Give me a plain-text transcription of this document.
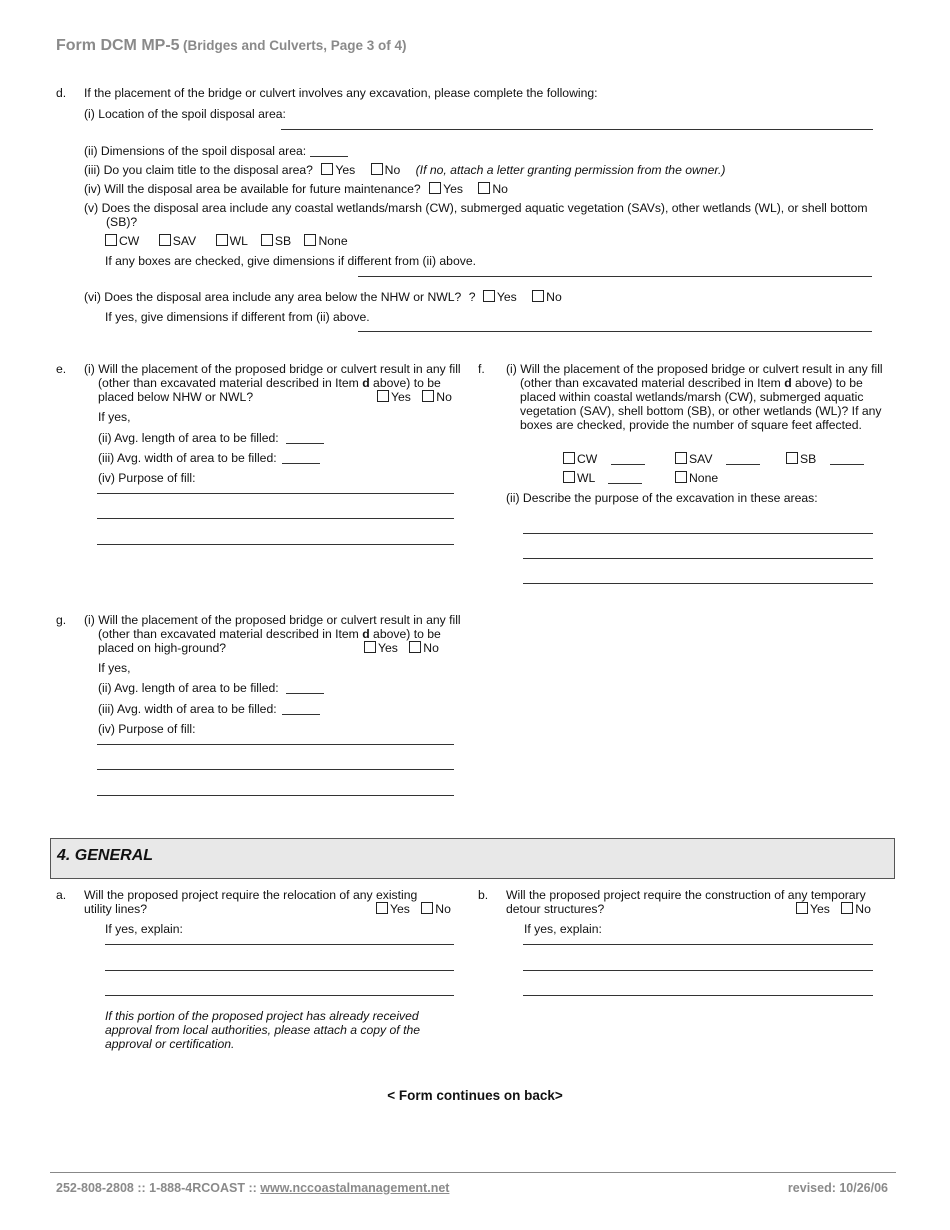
Form DCM MP-5 (Bridges and Culverts, Page 3 of 4)
d. If the placement of the bridge or culvert involves any excavation, please complete the following:
(i) Location of the spoil disposal area:
(ii) Dimensions of the spoil disposal area:
(iii) Do you claim title to the disposal area? Yes No (If no, attach a letter granting permission from the owner.)
(iv) Will the disposal area be available for future maintenance? Yes No
(v) Does the disposal area include any coastal wetlands/marsh (CW), submerged aquatic vegetation (SAVs), other wetlands (WL), or shell bottom (SB)?
CW	SAV	WL SB None
If any boxes are checked, give dimensions if different from (ii) above.
(vi) Does the disposal area include any area below the NHW or NWL? ? Yes No
If yes, give dimensions if different from (ii) above.
e. (i) Will the placement of the proposed bridge or culvert result in any fill (other than excavated material described in Item d above) to be placed below NHW or NWL?	Yes No
If yes,
(ii) Avg. length of area to be filled:
(iii) Avg. width of area to be filled:
(iv) Purpose of fill:
f. (i) Will the placement of the proposed bridge or culvert result in any fill (other than excavated material described in Item d above) to be placed within coastal wetlands/marsh (CW), submerged aquatic vegetation (SAV), shell bottom (SB), or other wetlands (WL)? If any boxes are checked, provide the number of square feet affected.
CW	SAV	SB
WL	None
(ii) Describe the purpose of the excavation in these areas:
g. (i) Will the placement of the proposed bridge or culvert result in any fill (other than excavated material described in Item d above) to be placed on high-ground?	Yes No
If yes,
(ii) Avg. length of area to be filled:
(iii) Avg. width of area to be filled:
(iv) Purpose of fill:
4. GENERAL
a. Will the proposed project require the relocation of any existing utility lines?	Yes No
If yes, explain:
If this portion of the proposed project has already received approval from local authorities, please attach a copy of the approval or certification.
b. Will the proposed project require the construction of any temporary detour structures?	Yes No
If yes, explain:
< Form continues on back>
252-808-2808 :: 1-888-4RCOAST :: www.nccoastalmanagement.net	revised: 10/26/06
